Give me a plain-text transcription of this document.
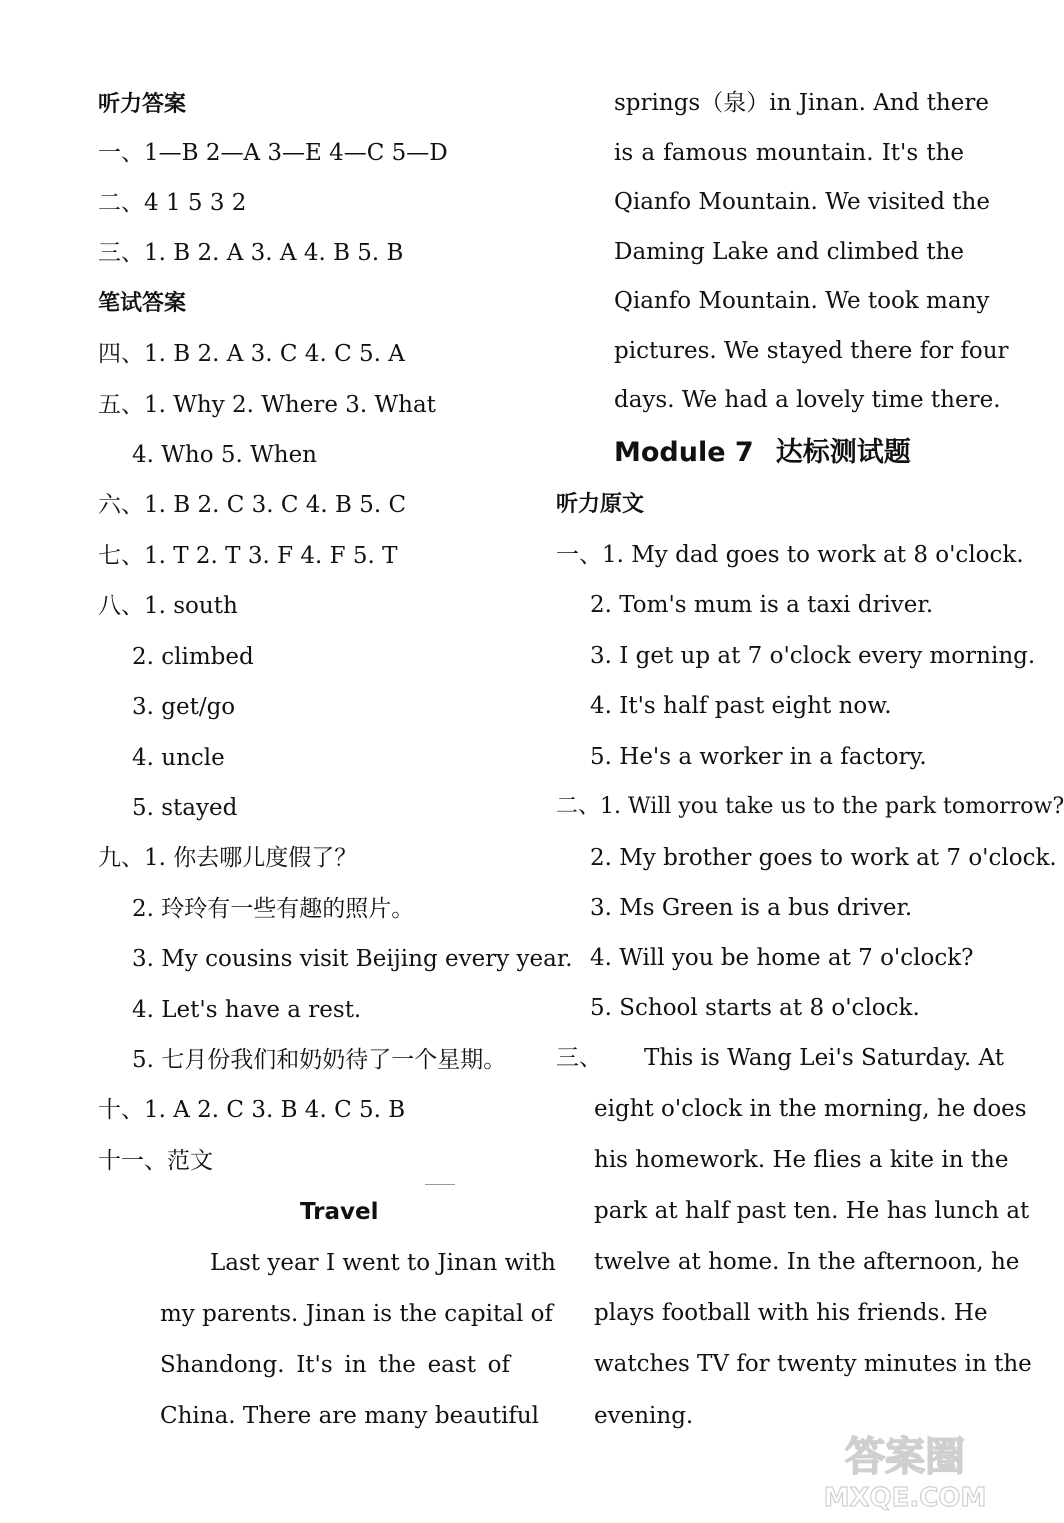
听力答案
一、1—B 2—A 3—E 4—C 5—D
二、4 1 5 3 2
三、1. B 2. A 3. A 4. B 5. B
笔试答案
四、1. B 2. A 3. C 4. C 5. A
五、1. Why 2. Where 3. What
4. Who 5. When
六、1. B 2. C 3. C 4. B 5. C
七、1. T 2. T 3. F 4. F 5. T
八、1. south
2. climbed
3. get/go
4. uncle
5. stayed
九、1. 你去哪儿度假了？
2. 玲玲有一些有趣的照片。
3. My cousins visit Beijing every year.
4. Let's have a rest.
5. 七月份我们和奶奶待了一个星期。
十、1. A 2. C 3. B 4. C 5. B
十一、范文
Travel
Last year I went to Jinan with
my parents. Jinan is the capital of
Shandong. It's in the east of
China. There are many beautiful
springs（泉）in Jinan. And there
is a famous mountain. It's the
Qianfo Mountain. We visited the
Daming Lake and climbed the
Qianfo Mountain. We took many
pictures. We stayed there for four
days. We had a lovely time there.
Module 7 达标测试题
听力原文
一、1. My dad goes to work at 8 o'clock.
2. Tom's mum is a taxi driver.
3. I get up at 7 o'clock every morning.
4. It's half past eight now.
5. He's a worker in a factory.
二、1. Will you take us to the park tomorrow?
2. My brother goes to work at 7 o'clock.
3. Ms Green is a bus driver.
4. Will you be home at 7 o'clock?
5. School starts at 8 o'clock.
三、 This is Wang Lei's Saturday. At
eight o'clock in the morning, he does
his homework. He flies a kite in the
park at half past ten. He has lunch at
twelve at home. In the afternoon, he
plays football with his friends. He
watches TV for twenty minutes in the
evening.
答案圈
MXQE.COM
